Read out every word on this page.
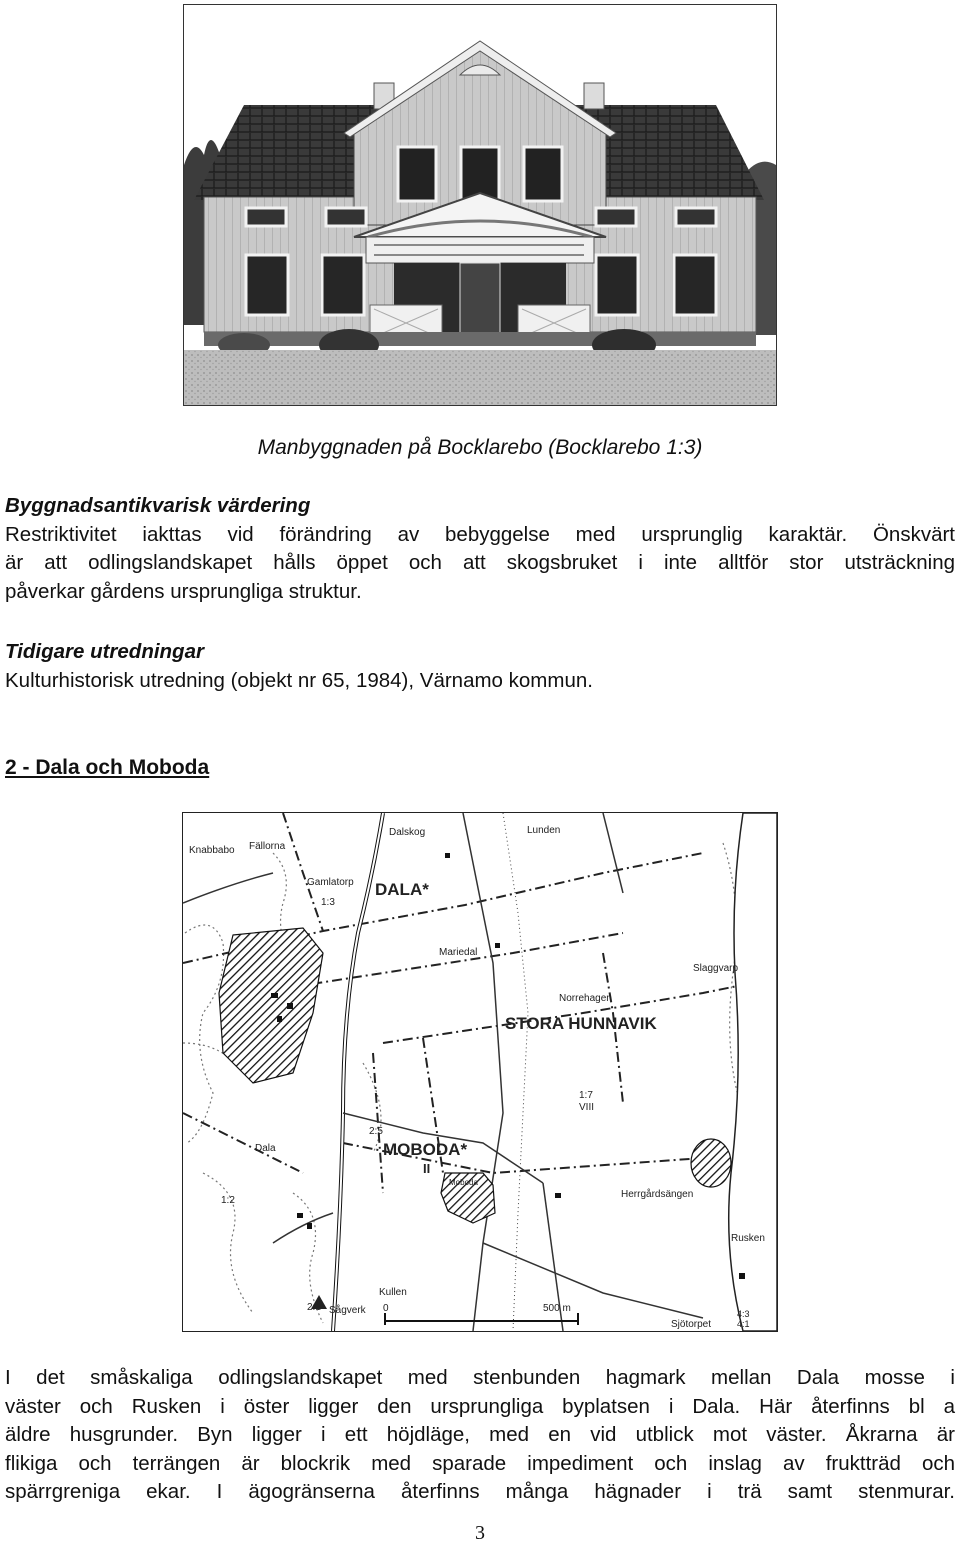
Manbyggnaden på Bocklarebo (Bocklarebo 1:3)
Byggnadsantikvarisk värdering
Restriktivitet iakttas vid förändring av bebyggelse med ursprunglig karaktär. Önskvärt
är att odlingslandskapet hålls öppet och att skogsbruket i inte alltför stor utsträckning
påverkar gårdens ursprungliga struktur.
Tidigare utredningar
Kulturhistorisk utredning (objekt nr 65, 1984), Värnamo kommun.
2 - Dala och Moboda
Knabbabo Fällorna
Dalskog	Lunden
Gamlatorp
1:3
Mariedal
Slaggvarp
Norrehagen
1:7
VIII
2:5
Moboda
Dala
1:2
Herrgårdsängen
Rusken
Kullen
Sågverk
2:1	0	500 m
Sjötorpet
4:3
4:1
DALA*
STORA HUNNAVIK
MOBODA*
II
I det småskaliga odlingslandskapet med stenbunden hagmark mellan Dala mosse i
väster och Rusken i öster ligger den ursprungliga byplatsen i Dala. Här återfinns bl a
äldre husgrunder. Byn ligger i ett höjdläge, med en vid utblick mot väster. Åkrarna är
flikiga och terrängen är blockrik med sparade impediment och inslag av fruktträd och
spärrgreniga ekar. I ägogränserna återfinns många hägnader i trä samt stenmurar.
3
